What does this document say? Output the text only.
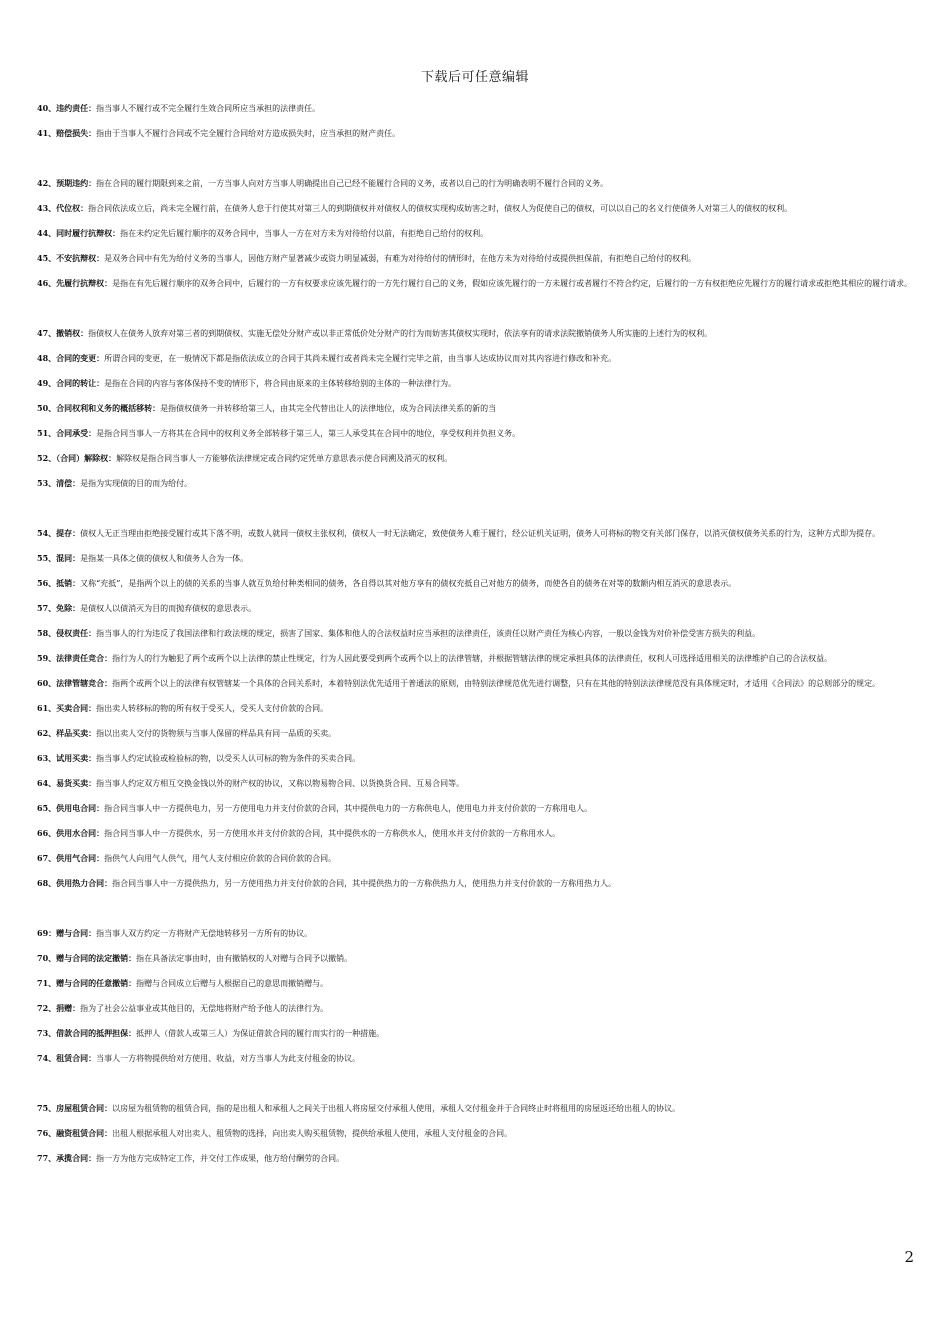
下载后可任意编辑

40、违约责任：指当事人不履行或不完全履行生效合同所应当承担的法律责任。

41、赔偿损失：指由于当事人不履行合同或不完全履行合同给对方造成损失时，应当承担的财产责任。

42、预期违约：指在合同的履行期限到来之前，一方当事人向对方当事人明确提出自己已经不能履行合同的义务，或者以自己的行为明确表明不履行合同的义务。

43、代位权：指合同依法成立后，尚未完全履行前，在债务人怠于行使其对第三人的到期债权并对债权人的债权实现构成妨害之时，债权人为促使自己的债权，可以以自己的名义行使债务人对第三人的债权的权利。

44、同时履行抗辩权：指在未约定先后履行顺序的双务合同中，当事人一方在对方未为对待给付以前，有拒绝自己给付的权利。

45、不安抗辩权：是双务合同中有先为给付义务的当事人，因他方财产显著减少或资力明显减弱，有难为对待给付的情形时，在他方未为对待给付或提供担保前，有拒绝自己给付的权利。

46、先履行抗辩权：是指在有先后履行顺序的双务合同中，后履行的一方有权要求应该先履行的一方先行履行自己的义务，假如应该先履行的一方未履行或者履行不符合约定，后履行的一方有权拒绝应先履行方的履行请求或拒绝其相应的履行请求。

47、撤销权：指债权人在债务人放弃对第三者的到期债权、实施无偿处分财产或以非正常低价处分财产的行为而妨害其债权实现时，依法享有的请求法院撤销债务人所实施的上述行为的权利。

48、合同的变更：所谓合同的变更，在一般情况下都是指依法成立的合同于其尚未履行或者尚未完全履行完毕之前，由当事人达成协议而对其内容进行修改和补充。

49、合同的转让：是指在合同的内容与客体保持不变的情形下，将合同由原来的主体转移给别的主体的一种法律行为。

50、合同权利和义务的概括移转：是指债权债务一并转移给第三人，由其完全代替出让人的法律地位，成为合同法律关系的新的当

51、合同承受：是指合同当事人一方将其在合同中的权利义务全部转移于第三人，第三人承受其在合同中的地位，享受权利并负担义务。

52、（合同）解除权：解除权是指合同当事人一方能够依法律规定或合同约定凭单方意思表示使合同溯及消灭的权利。

53、清偿：是指为实现债的目的而为给付。

54、提存：债权人无正当理由拒绝接受履行或其下落不明，或数人就同一债权主张权利，债权人一时无法确定，致使债务人难于履行，经公证机关证明，债务人可将标的物交有关部门保存，以消灭债权债务关系的行为，这种方式即为提存。

55、混同：是指某一具体之债的债权人和债务人合为一体。

56、抵销：又称“充抵”，是指两个以上的债的关系的当事人就互负给付种类相同的债务，各自得以其对他方享有的债权充抵自己对他方的债务，而使各自的债务在对等的数额内相互消灭的意思表示。

57、免除：是债权人以债消灭为目的而抛弃债权的意思表示。

58、侵权责任：指当事人的行为违反了我国法律和行政法规的规定，损害了国家、集体和他人的合法权益时应当承担的法律责任，该责任以财产责任为核心内容，一般以金钱为对价补偿受害方损失的利益。

59、法律责任竞合：指行为人的行为触犯了两个或两个以上法律的禁止性规定，行为人因此要受到两个或两个以上的法律管辖，并根据管辖法律的规定承担具体的法律责任，权利人可选择适用相关的法律维护自己的合法权益。

60、法律管辖竞合：指两个或两个以上的法律有权管辖某一个具体的合同关系时，本着特别法优先适用于普通法的原则，由特别法律规范优先进行调整，只有在其他的特别法法律规范没有具体规定时，才适用《合同法》的总则部分的规定。

61、买卖合同：指出卖人转移标的物的所有权于受买人，受买人支付价款的合同。

62、样品买卖：指以出卖人交付的货物须与当事人保留的样品具有同一品质的买卖。

63、试用买卖：指当事人约定试验或检验标的物，以受买人认可标的物为条件的买卖合同。

64、易货买卖：指当事人约定双方相互交换金钱以外的财产权的协议，又称以物易物合同、以货换货合同、互易合同等。

65、供用电合同：指合同当事人中一方提供电力，另一方使用电力并支付价款的合同，其中提供电力的一方称供电人，使用电力并支付价款的一方称用电人。

66、供用水合同：指合同当事人中一方提供水，另一方使用水并支付价款的合同，其中提供水的一方称供水人，使用水并支付价款的一方称用水人。

67、供用气合同：指供气人向用气人供气，用气人支付相应价款的合同价款的合同。

68、供用热力合同：指合同当事人中一方提供热力，另一方使用热力并支付价款的合同，其中提供热力的一方称供热力人，使用热力并支付价款的一方称用热力人。

69：赠与合同：指当事人双方约定一方将财产无偿地转移另一方所有的协议。

70、赠与合同的法定撤销：指在具备法定事由时，由有撤销权的人对赠与合同予以撤销。

71、赠与合同的任意撤销：指赠与合同成立后赠与人根据自己的意思而撤销赠与。

72、捐赠：指为了社会公益事业或其他目的，无偿地将财产给予他人的法律行为。

73、借款合同的抵押担保：抵押人（借款人或第三人）为保证借款合同的履行而实行的一种措施。

74、租赁合同：当事人一方将物提供给对方使用、收益，对方当事人为此支付租金的协议。

75、房屋租赁合同：以房屋为租赁物的租赁合同，指的是出租人和承租人之间关于出租人将房屋交付承租人使用，承租人交付租金并于合同终止时将租用的房屋返还给出租人的协议。

76、融资租赁合同：出租人根据承租人对出卖人、租赁物的选择，向出卖人购买租赁物，提供给承租人使用，承租人支付租金的合同。

77、承揽合同：指一方为他方完成特定工作，并交付工作成果，他方给付酬劳的合同。

2
